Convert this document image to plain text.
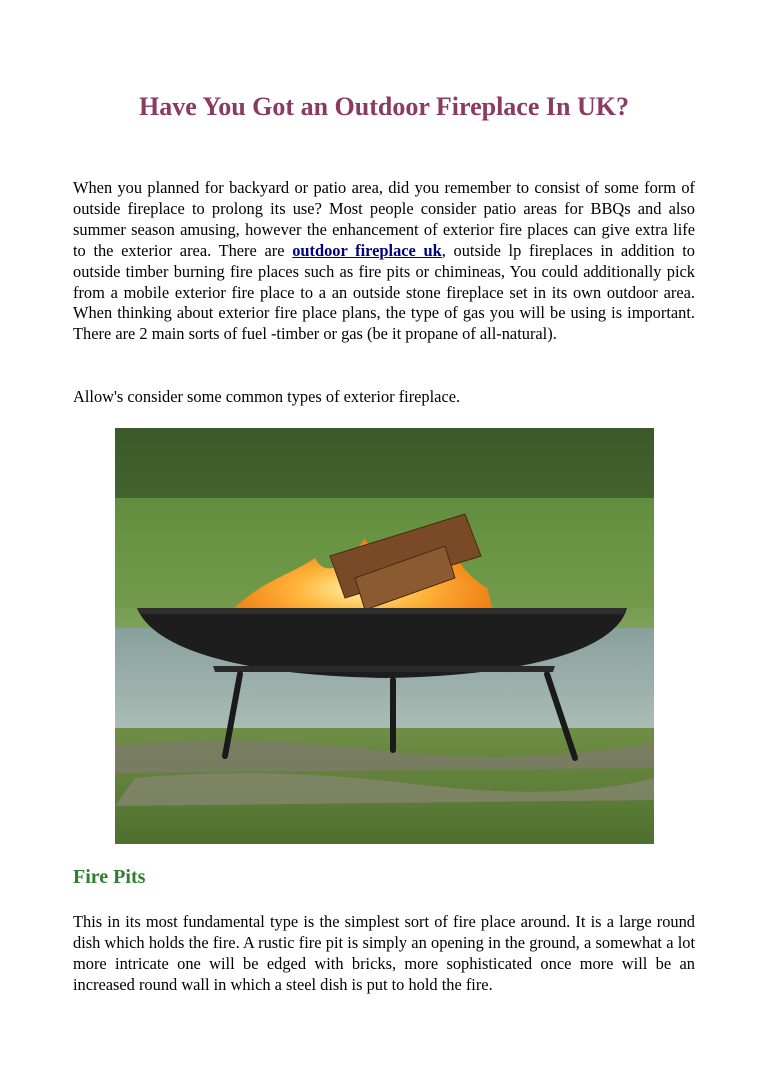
Have You Got an Outdoor Fireplace In UK?

When you planned for backyard or patio area, did you remember to consist of some form of outside fireplace to prolong its use? Most people consider patio areas for BBQs and also summer season amusing, however the enhancement of exterior fire places can give extra life to the exterior area. There are outdoor fireplace uk, outside lp fireplaces in addition to outside timber burning fire places such as fire pits or chimineas, You could additionally pick from a mobile exterior fire place to a an outside stone fireplace set in its own outdoor area. When thinking about exterior fire place plans, the type of gas you will be using is important. There are 2 main sorts of fuel -timber or gas (be it propane of all-natural).

Allow's consider some common types of exterior fireplace.

Fire Pits

This in its most fundamental type is the simplest sort of fire place around. It is a large round dish which holds the fire. A rustic fire pit is simply an opening in the ground, a somewhat a lot more intricate one will be edged with bricks, more sophisticated once more will be an increased round wall in which a steel dish is put to hold the fire.
